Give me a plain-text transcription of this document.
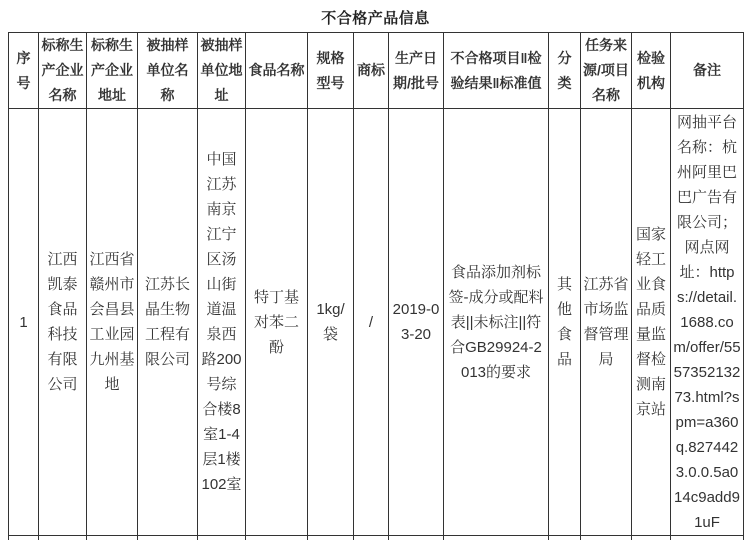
不合格产品信息
序号	标称生产企业名称	标称生产企业地址	被抽样单位名称	被抽样单位地址	食品名称	规格型号	商标	生产日期/批号	不合格项目‖检验结果‖标准值	分类	任务来源/项目名称	检验机构	备注
1	江西凯泰食品科技有限公司	江西省赣州市会昌县工业园九州基地	江苏长晶生物工程有限公司	中国江苏南京江宁区汤山街道温泉西路200号综合楼8室1-4层1楼102室	特丁基对苯二酚	1kg/袋	/	2019-03-20	食品添加剂标签-成分或配料表||未标注||符合GB29924-2013的要求	其他食品	江苏省市场监督管理局	国家轻工业食品质量监督检测南京站	网抽平台名称：杭州阿里巴巴广告有限公司；网点网址：https://detail.1688.com/offer/555735213273.html?spm=a360q.8274423.0.0.5a014c9add91uF
